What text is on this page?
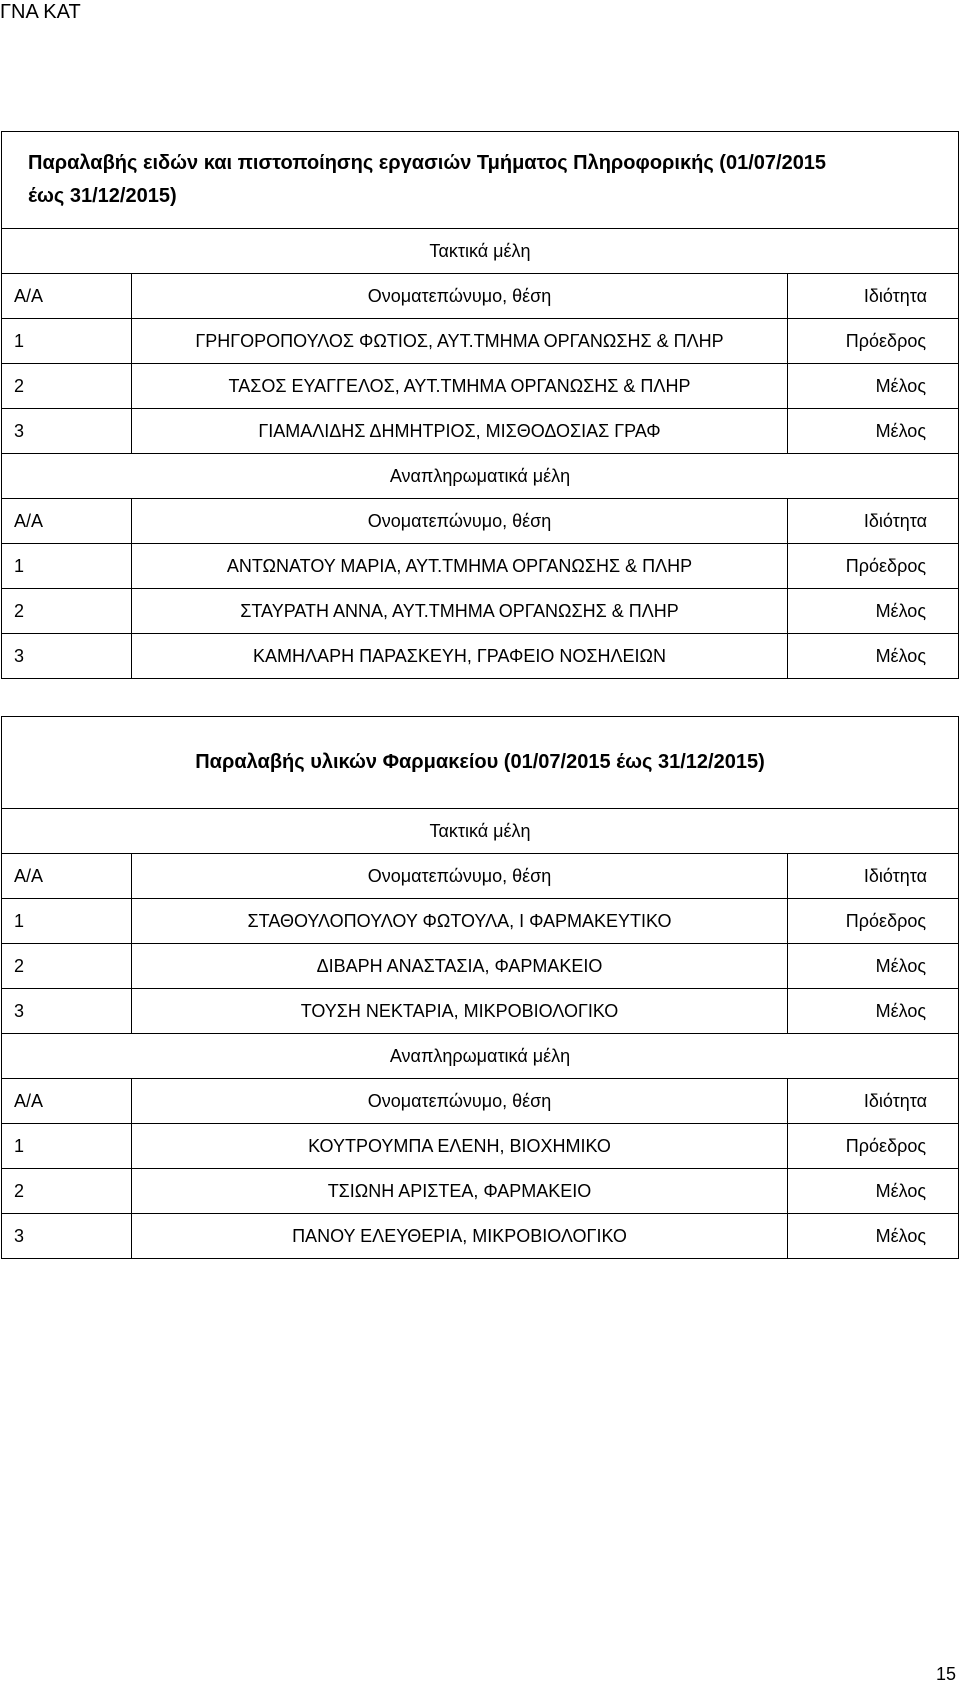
ΓΝΑ ΚΑΤ
Παραλαβής ειδών και πιστοποίησης εργασιών Τμήματος Πληροφορικής (01/07/2015
έως 31/12/2015)		
Τακτικά μέλη		
Α/Α	Ονοματεπώνυμο, θέση	Ιδιότητα
1	ΓΡΗΓΟΡΟΠΟΥΛΟΣ ΦΩΤΙΟΣ, ΑΥΤ.ΤΜΗΜΑ ΟΡΓΑΝΩΣΗΣ & ΠΛΗΡ	Πρόεδρος
2	ΤΑΣΟΣ ΕΥΑΓΓΕΛΟΣ, ΑΥΤ.ΤΜΗΜΑ ΟΡΓΑΝΩΣΗΣ & ΠΛΗΡ	Μέλος
3	ΓΙΑΜΑΛΙΔΗΣ ΔΗΜΗΤΡΙΟΣ, ΜΙΣΘΟΔΟΣΙΑΣ ΓΡΑΦ	Μέλος
Αναπληρωματικά μέλη		
Α/Α	Ονοματεπώνυμο, θέση	Ιδιότητα
1	ΑΝΤΩΝΑΤΟΥ ΜΑΡΙΑ, ΑΥΤ.ΤΜΗΜΑ ΟΡΓΑΝΩΣΗΣ & ΠΛΗΡ	Πρόεδρος
2	ΣΤΑΥΡΑΤΗ ΑΝΝΑ, ΑΥΤ.ΤΜΗΜΑ ΟΡΓΑΝΩΣΗΣ & ΠΛΗΡ	Μέλος
3	ΚΑΜΗΛΑΡΗ ΠΑΡΑΣΚΕΥΗ, ΓΡΑΦΕΙΟ ΝΟΣΗΛΕΙΩΝ	Μέλος
Παραλαβής υλικών Φαρμακείου (01/07/2015 έως 31/12/2015)		
Τακτικά μέλη		
Α/Α	Ονοματεπώνυμο, θέση	Ιδιότητα
1	ΣΤΑΘΟΥΛΟΠΟΥΛΟΥ ΦΩΤΟΥΛΑ, Ι ΦΑΡΜΑΚΕΥΤΙΚΟ	Πρόεδρος
2	ΔΙΒΑΡΗ ΑΝΑΣΤΑΣΙΑ, ΦΑΡΜΑΚΕΙΟ	Μέλος
3	ΤΟΥΣΗ ΝΕΚΤΑΡΙΑ, ΜΙΚΡΟΒΙΟΛΟΓΙΚΟ	Μέλος
Αναπληρωματικά μέλη		
Α/Α	Ονοματεπώνυμο, θέση	Ιδιότητα
1	ΚΟΥΤΡΟΥΜΠΑ ΕΛΕΝΗ, ΒΙΟΧΗΜΙΚΟ	Πρόεδρος
2	ΤΣΙΩΝΗ ΑΡΙΣΤΕΑ, ΦΑΡΜΑΚΕΙΟ	Μέλος
3	ΠΑΝΟΥ ΕΛΕΥΘΕΡΙΑ, ΜΙΚΡΟΒΙΟΛΟΓΙΚΟ	Μέλος
15
